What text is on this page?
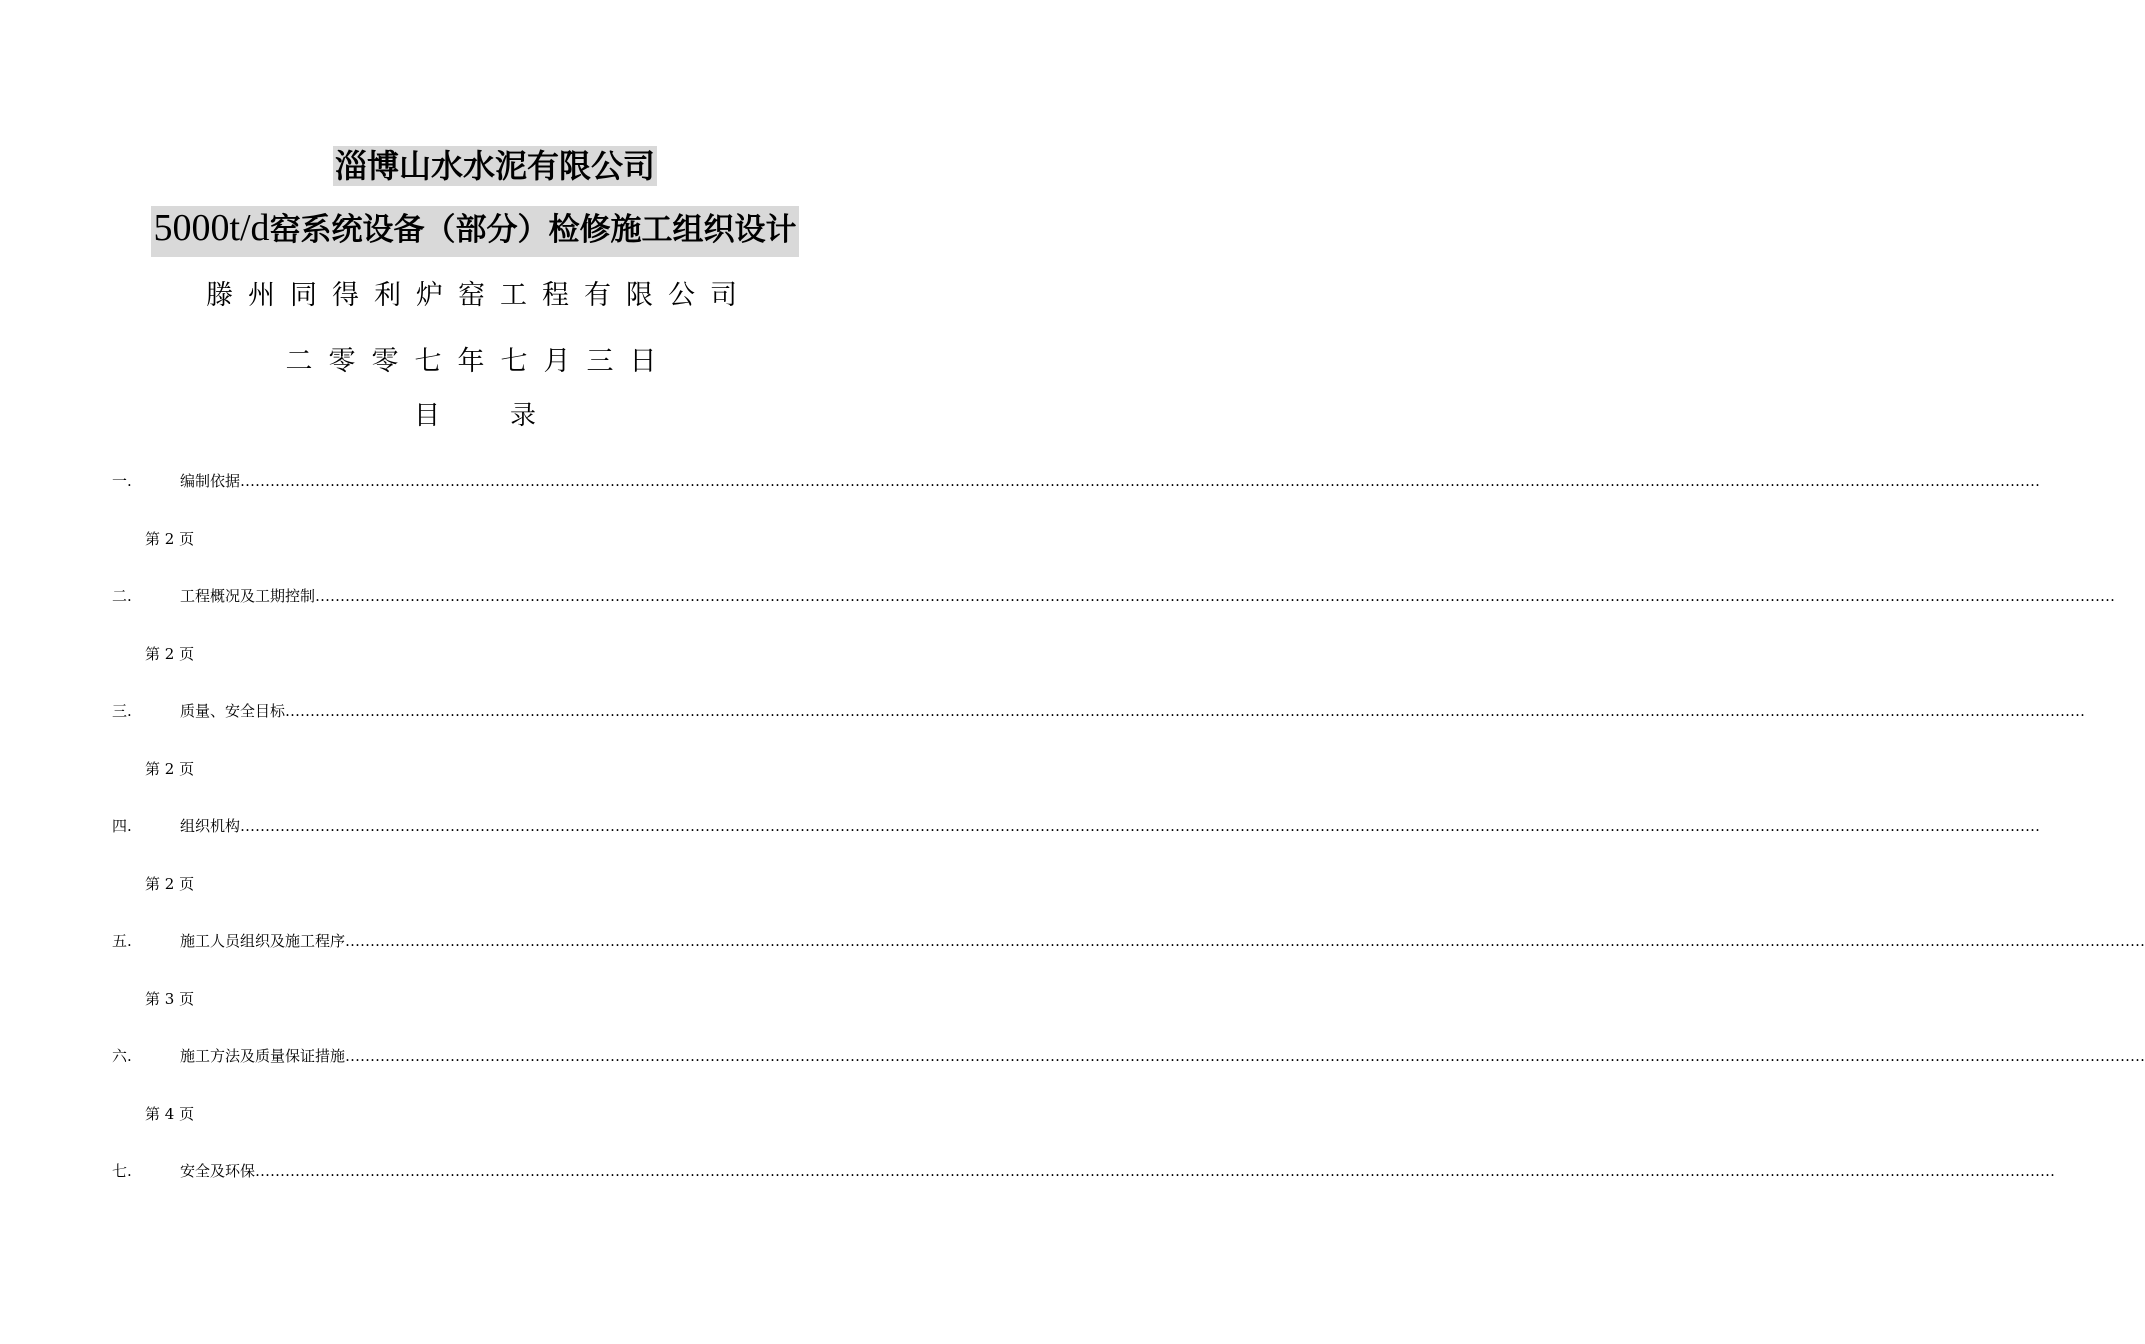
淄博山水水泥有限公司
5000t/d窑系统设备（部分）检修施工组织设计
滕州同得利炉窑工程有限公司
二零零七年七月三日
目录
一.	编制依据………………………………………………………………………………………………………………………………………………………………………………………………………………………………………………………………………………………………………………………………
第 2 页
二.	工程概况及工期控制………………………………………………………………………………………………………………………………………………………………………………………………………………………………………………………………………………………………………………………………
第 2 页
三.	质量、安全目标………………………………………………………………………………………………………………………………………………………………………………………………………………………………………………………………………………………………………………………………
第 2 页
四.	组织机构………………………………………………………………………………………………………………………………………………………………………………………………………………………………………………………………………………………………………………………………
第 2 页
五.	施工人员组织及施工程序………………………………………………………………………………………………………………………………………………………………………………………………………………………………………………………………………………………………………………………………
第 3 页
六.	施工方法及质量保证措施………………………………………………………………………………………………………………………………………………………………………………………………………………………………………………………………………………………………………………………………
第 4 页
七.	安全及环保………………………………………………………………………………………………………………………………………………………………………………………………………………………………………………………………………………………………………………………………
